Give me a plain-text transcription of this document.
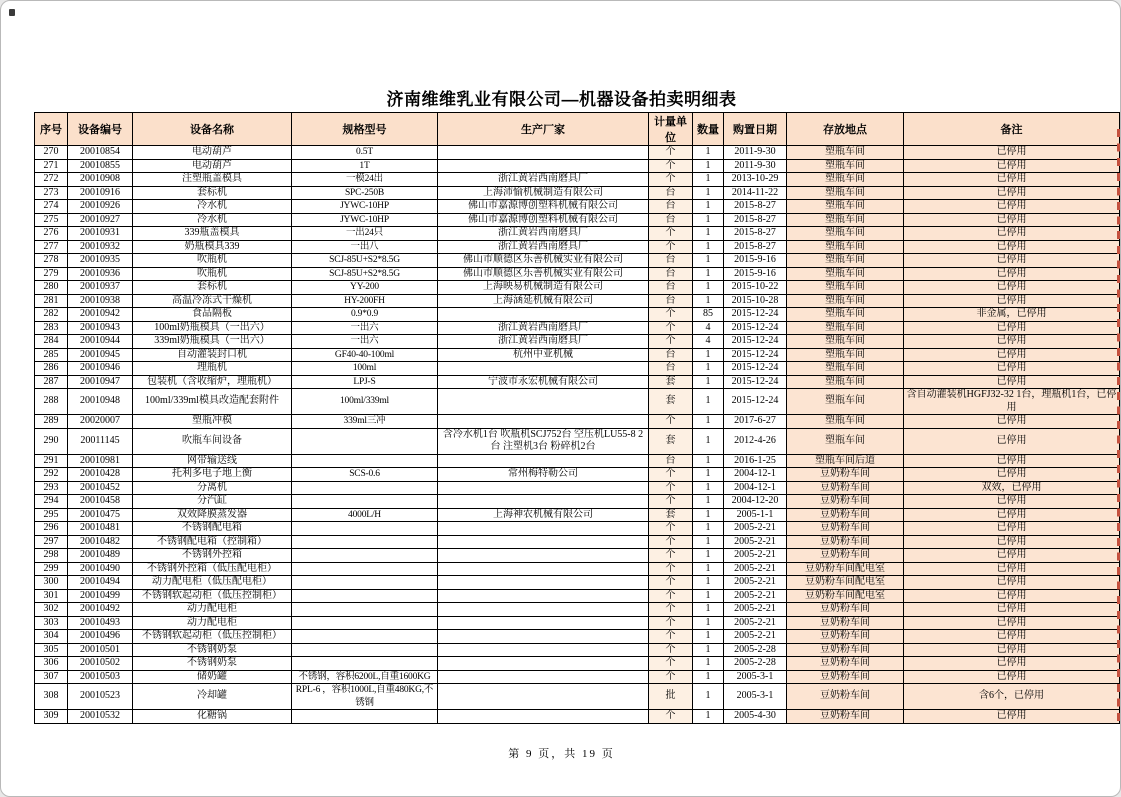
济南维维乳业有限公司—机器设备拍卖明细表
序号	设备编号	设备名称	规格型号	生产厂家	计量单位	数量	购置日期	存放地点	备注
270	20010854	电动葫芦	0.5T		个	1	2011-9-30	塑瓶车间	已停用
271	20010855	电动葫芦	1T		个	1	2011-9-30	塑瓶车间	已停用
272	20010908	注塑瓶盖模具	一模24出	浙江黄岩西南磨具厂	个	1	2013-10-29	塑瓶车间	已停用
273	20010916	套标机	SPC-250B	上海沛愉机械制造有限公司	台	1	2014-11-22	塑瓶车间	已停用
274	20010926	冷水机	JYWC-10HP	佛山市嘉源博创塑料机械有限公司	台	1	2015-8-27	塑瓶车间	已停用
275	20010927	冷水机	JYWC-10HP	佛山市嘉源博创塑料机械有限公司	台	1	2015-8-27	塑瓶车间	已停用
276	20010931	339瓶盖模具	一出24只	浙江黄岩西南磨具厂	个	1	2015-8-27	塑瓶车间	已停用
277	20010932	奶瓶模具339	一出八	浙江黄岩西南磨具厂	个	1	2015-8-27	塑瓶车间	已停用
278	20010935	吹瓶机	SCJ-85U+S2*8.5G	佛山市顺德区乐善机械实业有限公司	台	1	2015-9-16	塑瓶车间	已停用
279	20010936	吹瓶机	SCJ-85U+S2*8.5G	佛山市顺德区乐善机械实业有限公司	台	1	2015-9-16	塑瓶车间	已停用
280	20010937	套标机	YY-200	上海映易机械制造有限公司	台	1	2015-10-22	塑瓶车间	已停用
281	20010938	高温冷冻式干燥机	HY-200FH	上海涵延机械有限公司	台	1	2015-10-28	塑瓶车间	已停用
282	20010942	食品隔板	0.9*0.9		个	85	2015-12-24	塑瓶车间	非金属，已停用
283	20010943	100ml奶瓶模具（一出六）	一出六	浙江黄岩西南磨具厂	个	4	2015-12-24	塑瓶车间	已停用
284	20010944	339ml奶瓶模具（一出六）	一出六	浙江黄岩西南磨具厂	个	4	2015-12-24	塑瓶车间	已停用
285	20010945	自动灌装封口机	GF40-40-100ml	杭州中亚机械	台	1	2015-12-24	塑瓶车间	已停用
286	20010946	理瓶机	100ml		台	1	2015-12-24	塑瓶车间	已停用
287	20010947	包装机（含收缩炉，理瓶机）	LPJ-S	宁波市永宏机械有限公司	套	1	2015-12-24	塑瓶车间	已停用
288	20010948	100ml/339ml模具改造配套附件	100ml/339ml		套	1	2015-12-24	塑瓶车间	含自动灌装机HGFJ32-32 1台，理瓶机1台，已停用
289	20020007	塑瓶冲模	339ml三冲		个	1	2017-6-27	塑瓶车间	已停用
290	20011145	吹瓶车间设备		含冷水机1台 吹瓶机SCJ752台 空压机LU55-8 2台 注塑机3台 粉碎机2台	套	1	2012-4-26	塑瓶车间	已停用
291	20010981	网带输送线			台	1	2016-1-25	塑瓶车间后道	已停用
292	20010428	托利多电子地上衡	SCS-0.6	常州梅特勒公司	个	1	2004-12-1	豆奶粉车间	已停用
293	20010452	分离机			个	1	2004-12-1	豆奶粉车间	双效，已停用
294	20010458	分汽缸			个	1	2004-12-20	豆奶粉车间	已停用
295	20010475	双效降膜蒸发器	4000L/H	上海神农机械有限公司	套	1	2005-1-1	豆奶粉车间	已停用
296	20010481	不锈钢配电箱			个	1	2005-2-21	豆奶粉车间	已停用
297	20010482	不锈钢配电箱（控制箱）			个	1	2005-2-21	豆奶粉车间	已停用
298	20010489	不锈钢外控箱			个	1	2005-2-21	豆奶粉车间	已停用
299	20010490	不锈钢外控箱（低压配电柜）			个	1	2005-2-21	豆奶粉车间配电室	已停用
300	20010494	动力配电柜（低压配电柜）			个	1	2005-2-21	豆奶粉车间配电室	已停用
301	20010499	不锈钢软起动柜（低压控制柜）			个	1	2005-2-21	豆奶粉车间配电室	已停用
302	20010492	动力配电柜			个	1	2005-2-21	豆奶粉车间	已停用
303	20010493	动力配电柜			个	1	2005-2-21	豆奶粉车间	已停用
304	20010496	不锈钢软起动柜（低压控制柜）			个	1	2005-2-21	豆奶粉车间	已停用
305	20010501	不锈钢奶泵			个	1	2005-2-28	豆奶粉车间	已停用
306	20010502	不锈钢奶泵			个	1	2005-2-28	豆奶粉车间	已停用
307	20010503	储奶罐	不锈钢，容积6200L,自重1600KG		个	1	2005-3-1	豆奶粉车间	已停用
308	20010523	冷却罐	RPL-6 ，容积1000L,自重480KG,不锈钢		批	1	2005-3-1	豆奶粉车间	含6个，已停用
309	20010532	化糖锅			个	1	2005-4-30	豆奶粉车间	已停用
第 9 页，共 19 页
